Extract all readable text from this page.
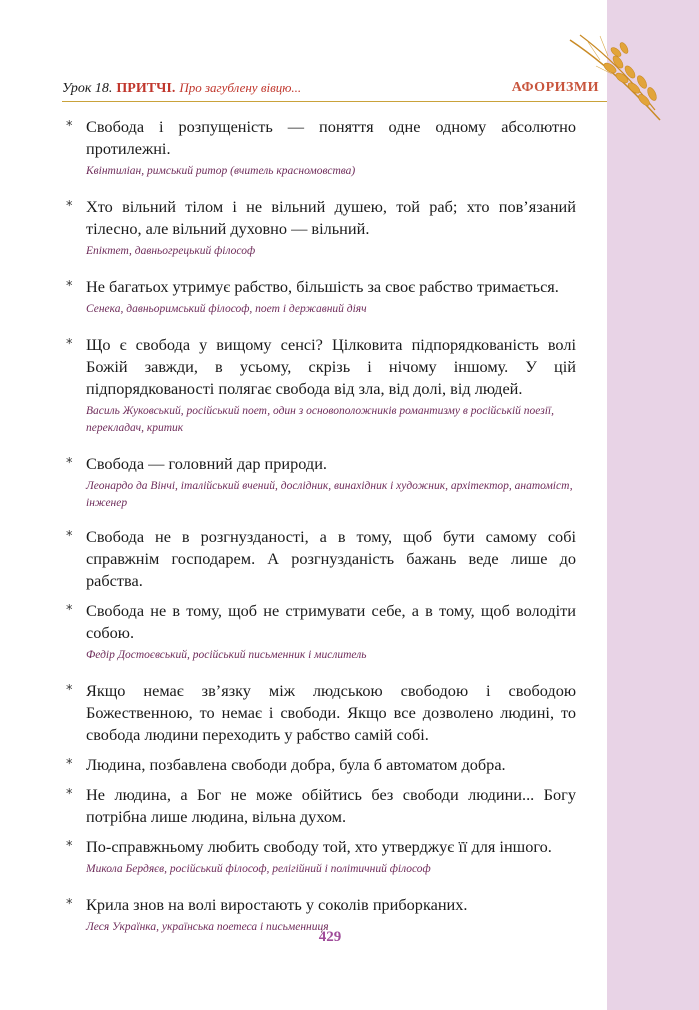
Урок 18. ПРИТЧІ. Про загублену вівцю...	АФОРИЗМИ
* Свобода і розпущеність — поняття одне одному абсолютно протилежні.

Квінтиліан, римський ритор (вчитель красномовства)
* Хто вільний тілом і не вільний душею, той раб; хто пов’язаний тілесно, але вільний духовно — вільний.

Епіктет, давньогрецький філософ
* Не багатьох утримує рабство, більшість за своє рабство тримається.

Сенека, давньоримський філософ, поет і державний діяч
* Що є свобода у вищому сенсі? Цілковита підпорядкованість волі Божій завжди, в усьому, скрізь і нічому іншому. У цій підпорядкованості полягає свобода від зла, від долі, від людей.

Василь Жуковський, російський поет, один з основоположників романтизму в російській поезії, перекладач, критик
* Свобода — головний дар природи.

Леонардо да Вінчі, італійський вчений, дослідник, винахідник і художник, архітектор, анатоміст, інженер
* Свобода не в розгнузданості, а в тому, щоб бути самому собі справжнім господарем. А розгнузданість бажань веде лише до рабства.

* Свобода не в тому, щоб не стримувати себе, а в тому, щоб володіти собою.

Федір Достоєвський, російський письменник і мислитель
* Якщо немає зв’язку між людською свободою і свободою Божественною, то немає і свободи. Якщо все дозволено людині, то свобода людини переходить у рабство самій собі.

* Людина, позбавлена свободи добра, була б автоматом добра.

* Не людина, а Бог не може обійтись без свободи людини... Богу потрібна лише людина, вільна духом.

* По-справжньому любить свободу той, хто утверджує її для іншого.

Микола Бердяєв, російський філософ, релігійний і політичний філософ
* Крила знов на волі виростають у соколів приборканих.

Леся Українка, українська поетеса і письменниця
429
